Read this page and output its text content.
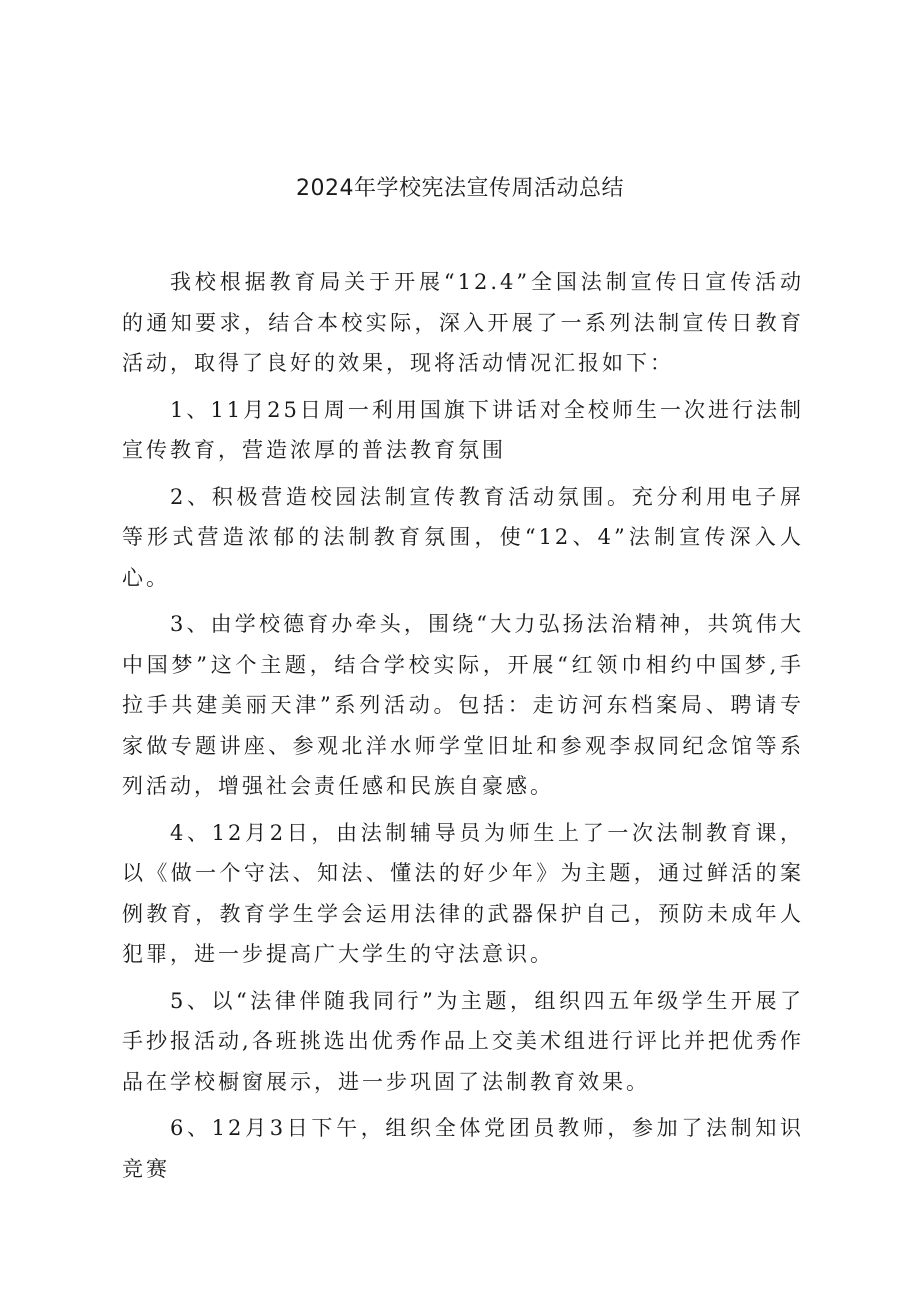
2024年学校宪法宣传周活动总结

我校根据教育局关于开展“12.4”全国法制宣传日宣传活动的通知要求，结合本校实际，深入开展了一系列法制宣传日教育活动，取得了良好的效果，现将活动情况汇报如下：

1、11月25日周一利用国旗下讲话对全校师生一次进行法制宣传教育，营造浓厚的普法教育氛围

2、积极营造校园法制宣传教育活动氛围。充分利用电子屏等形式营造浓郁的法制教育氛围，使“12、4”法制宣传深入人心。

3、由学校德育办牵头，围绕“大力弘扬法治精神，共筑伟大中国梦”这个主题，结合学校实际，开展“红领巾相约中国梦,手拉手共建美丽天津”系列活动。包括：走访河东档案局、聘请专家做专题讲座、参观北洋水师学堂旧址和参观李叔同纪念馆等系列活动，增强社会责任感和民族自豪感。

4、12月2日，由法制辅导员为师生上了一次法制教育课，以《做一个守法、知法、懂法的好少年》为主题，通过鲜活的案例教育，教育学生学会运用法律的武器保护自己，预防未成年人犯罪，进一步提高广大学生的守法意识。

5、以“法律伴随我同行”为主题，组织四五年级学生开展了手抄报活动,各班挑选出优秀作品上交美术组进行评比并把优秀作品在学校橱窗展示，进一步巩固了法制教育效果。

6、12月3日下午，组织全体党团员教师，参加了法制知识竞赛
